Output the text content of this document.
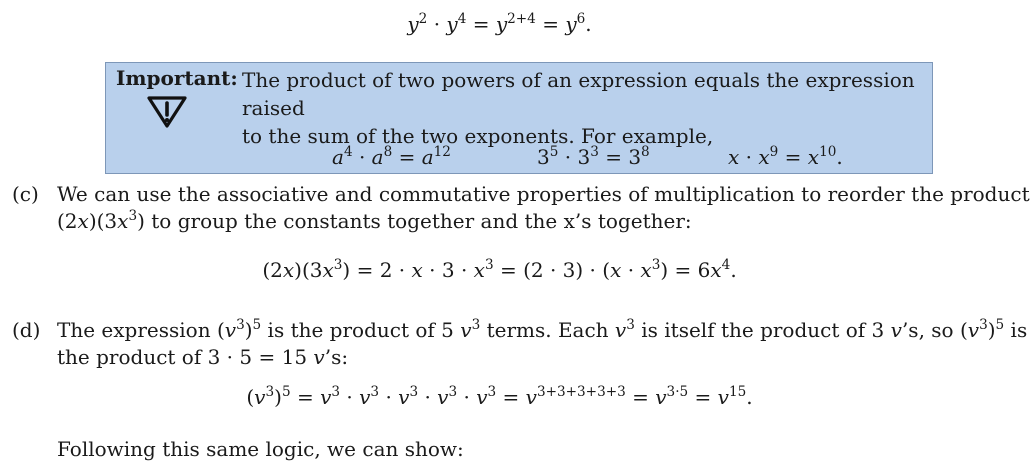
$y^2 \cdot y^4 = y^{2+4} = y^6$.
Important: The product of two powers of an expression equals the expression raised
to the sum of the two exponents. For example,
$a^4 \cdot a^8 = a^{12}$	$3^5 \cdot 3^3 = 3^8$	$x \cdot x^9 = x^{10}$.
(c) We can use the associative and commutative properties of multiplication to reorder the product
$(2x)(3x^3)$ to group the constants together and the x’s together:
$(2x)(3x^3) = 2 \cdot x \cdot 3 \cdot x^3 = (2 \cdot 3) \cdot (x \cdot x^3) = 6x^4$.
(d) The expression $(v^3)^5$ is the product of 5 $v^3$ terms. Each $v^3$ is itself the product of 3 v’s, so $(v^3)^5$ is
the product of 3 · 5 = 15 v’s:
$(v^3)^5 = v^3 \cdot v^3 \cdot v^3 \cdot v^3 \cdot v^3 = v^{3+3+3+3+3} = v^{3\cdot 5} = v^{15}$.
Following this same logic, we can show:
